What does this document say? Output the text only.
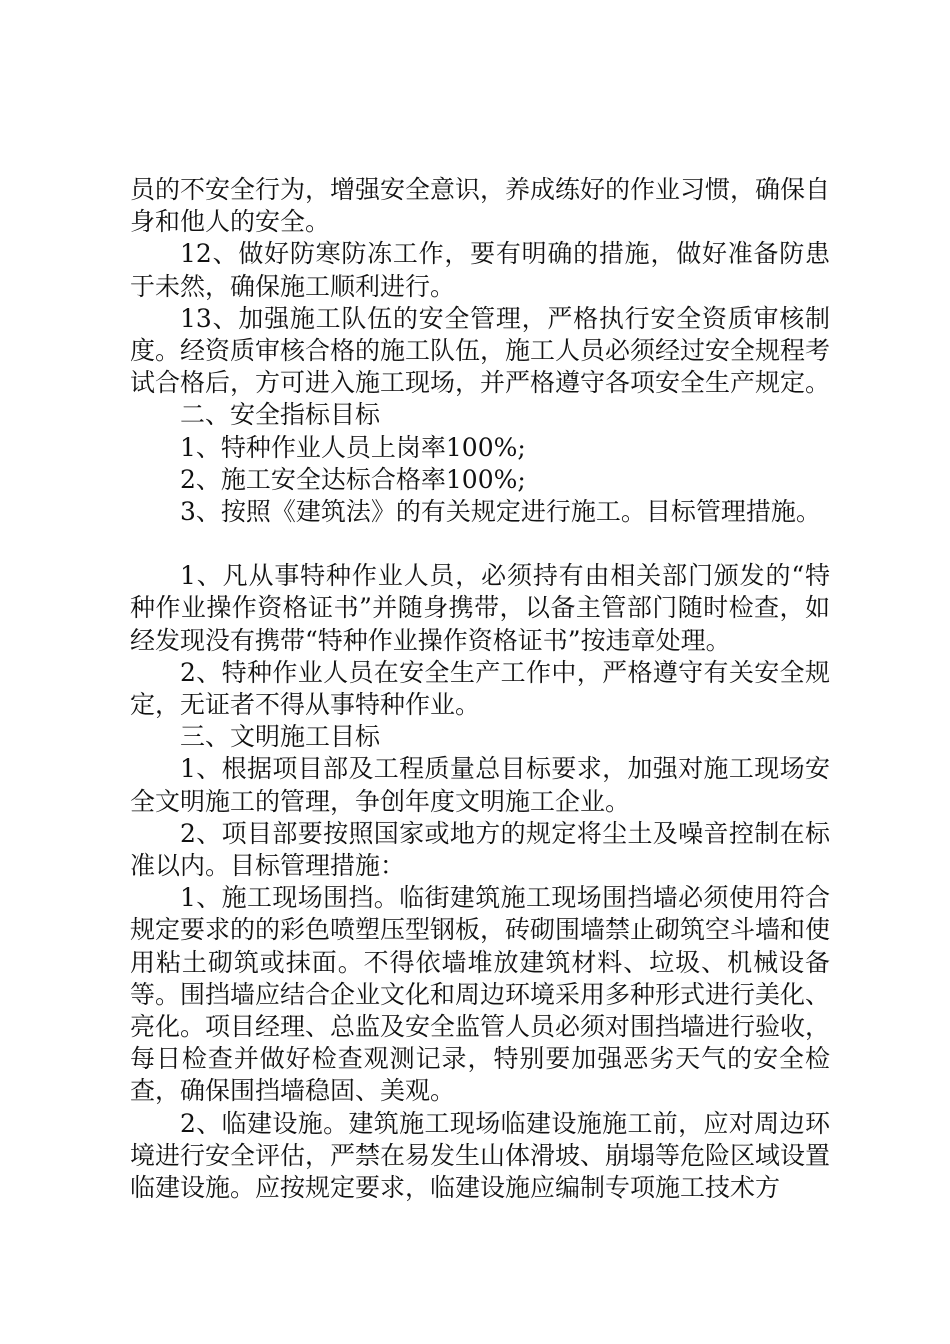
员的不安全行为，增强安全意识，养成练好的作业习惯，确保自身和他人的安全。

12、做好防寒防冻工作，要有明确的措施，做好准备防患于未然，确保施工顺利进行。

13、加强施工队伍的安全管理，严格执行安全资质审核制度。经资质审核合格的施工队伍，施工人员必须经过安全规程考试合格后，方可进入施工现场，并严格遵守各项安全生产规定。

二、安全指标目标

1、特种作业人员上岗率100%;

2、施工安全达标合格率100%;

3、按照《建筑法》的有关规定进行施工。目标管理措施。

1、凡从事特种作业人员，必须持有由相关部门颁发的“特种作业操作资格证书”并随身携带，以备主管部门随时检查，如经发现没有携带“特种作业操作资格证书”按违章处理。

2、特种作业人员在安全生产工作中，严格遵守有关安全规定，无证者不得从事特种作业。

三、文明施工目标

1、根据项目部及工程质量总目标要求，加强对施工现场安全文明施工的管理，争创年度文明施工企业。

2、项目部要按照国家或地方的规定将尘土及噪音控制在标准以内。目标管理措施：

1、施工现场围挡。临街建筑施工现场围挡墙必须使用符合规定要求的的彩色喷塑压型钢板，砖砌围墙禁止砌筑空斗墙和使用粘土砌筑或抹面。不得依墙堆放建筑材料、垃圾、机械设备等。围挡墙应结合企业文化和周边环境采用多种形式进行美化、亮化。项目经理、总监及安全监管人员必须对围挡墙进行验收，每日检查并做好检查观测记录，特别要加强恶劣天气的安全检查，确保围挡墙稳固、美观。

2、临建设施。建筑施工现场临建设施施工前，应对周边环境进行安全评估，严禁在易发生山体滑坡、崩塌等危险区域设置临建设施。应按规定要求，临建设施应编制专项施工技术方
